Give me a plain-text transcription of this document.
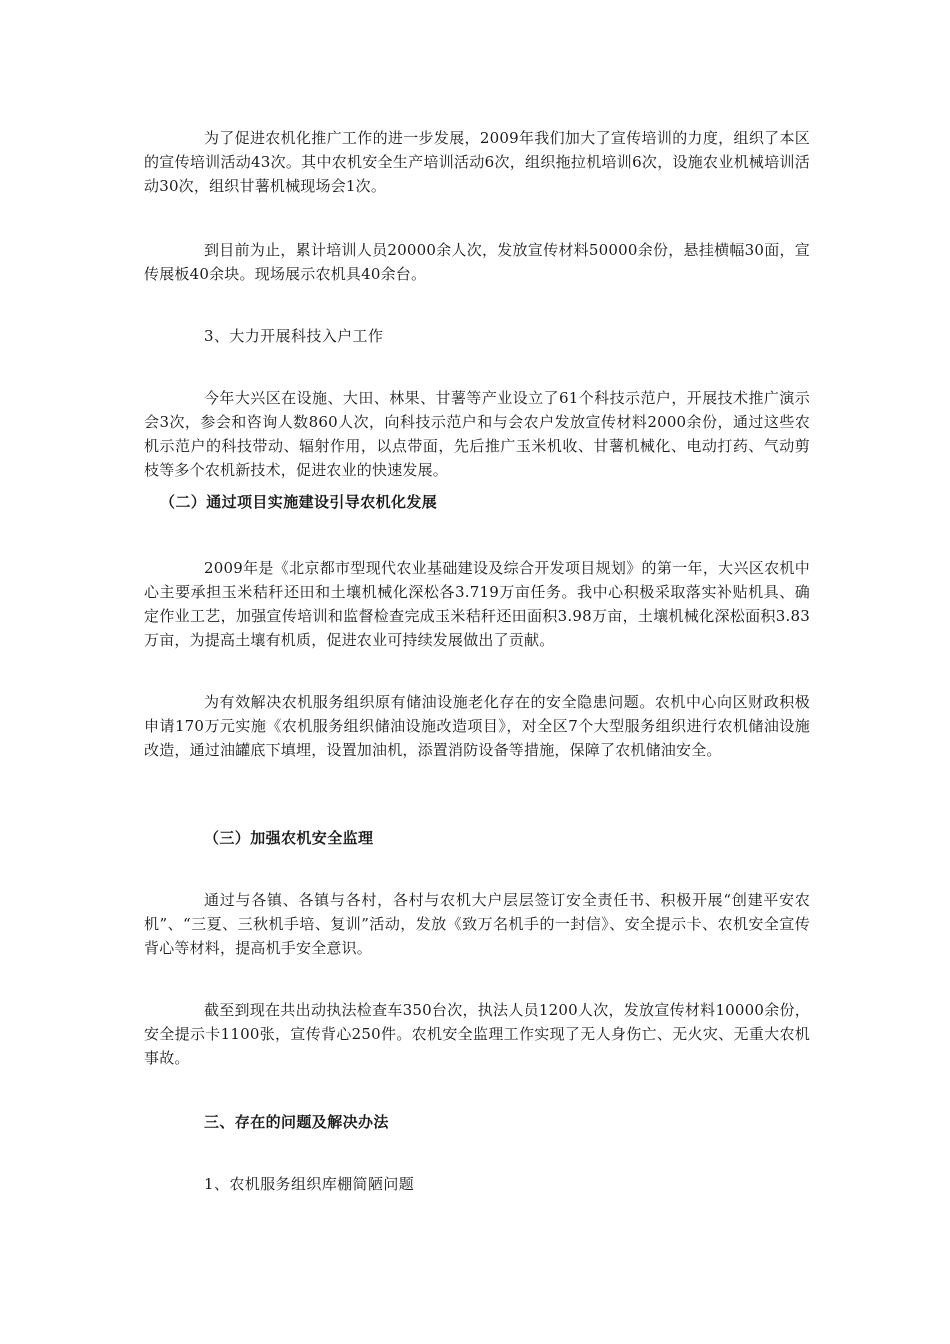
为了促进农机化推广工作的进一步发展，2009年我们加大了宣传培训的力度，组织了本区的宣传培训活动43次。其中农机安全生产培训活动6次，组织拖拉机培训6次，设施农业机械培训活动30次，组织甘薯机械现场会1次。

到目前为止，累计培训人员20000余人次，发放宣传材料50000余份，悬挂横幅30面，宣传展板40余块。现场展示农机具40余台。

3、大力开展科技入户工作

今年大兴区在设施、大田、林果、甘薯等产业设立了61个科技示范户，开展技术推广演示会3次，参会和咨询人数860人次，向科技示范户和与会农户发放宣传材料2000余份，通过这些农机示范户的科技带动、辐射作用，以点带面，先后推广玉米机收、甘薯机械化、电动打药、气动剪枝等多个农机新技术，促进农业的快速发展。

（二）通过项目实施建设引导农机化发展

2009年是《北京都市型现代农业基础建设及综合开发项目规划》的第一年，大兴区农机中心主要承担玉米秸秆还田和土壤机械化深松各3.719万亩任务。我中心积极采取落实补贴机具、确定作业工艺，加强宣传培训和监督检查完成玉米秸秆还田面积3.98万亩，土壤机械化深松面积3.83万亩，为提高土壤有机质，促进农业可持续发展做出了贡献。

为有效解决农机服务组织原有储油设施老化存在的安全隐患问题。农机中心向区财政积极申请170万元实施《农机服务组织储油设施改造项目》，对全区7个大型服务组织进行农机储油设施改造，通过油罐底下填埋，设置加油机，添置消防设备等措施，保障了农机储油安全。

（三）加强农机安全监理

通过与各镇、各镇与各村，各村与农机大户层层签订安全责任书、积极开展“创建平安农机”、“三夏、三秋机手培、复训”活动，发放《致万名机手的一封信》、安全提示卡、农机安全宣传背心等材料，提高机手安全意识。

截至到现在共出动执法检查车350台次，执法人员1200人次，发放宣传材料10000余份，安全提示卡1100张，宣传背心250件。农机安全监理工作实现了无人身伤亡、无火灾、无重大农机事故。

三、存在的问题及解决办法

1、农机服务组织库棚简陋问题
